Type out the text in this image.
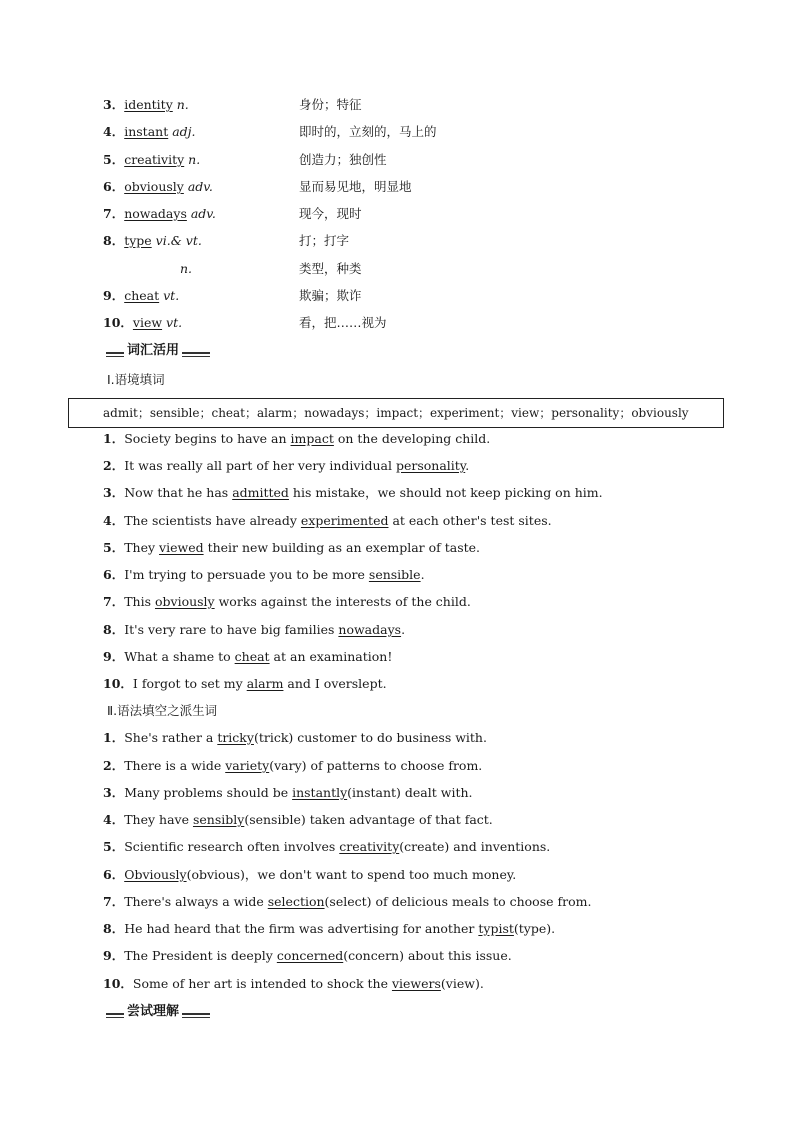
3．identity n.	身份；特征
4．instant adj.	即时的，立刻的，马上的
5．creativity n.	创造力；独创性
6．obviously adv.	显而易见地，明显地
7．nowadays adv.	现今，现时
8．type vi.& vt.	打；打字
n.	类型，种类
9．cheat vt.	欺骗；欺诈
10．view vt.	看，把……视为
词汇活用
Ⅰ.语境填词
admit；sensible；cheat；alarm；nowadays；impact；experiment；view；personality；obviously
1．Society begins to have an impact on the developing child.
2．It was really all part of her very individual personality.
3．Now that he has admitted his mistake，we should not keep picking on him.
4．The scientists have already experimented at each other's test sites.
5．They viewed their new building as an exemplar of taste.
6．I'm trying to persuade you to be more sensible.
7．This obviously works against the interests of the child.
8．It's very rare to have big families nowadays.
9．What a shame to cheat at an examination!
10．I forgot to set my alarm and I overslept.
Ⅱ.语法填空之派生词
1．She's rather a tricky(trick) customer to do business with.
2．There is a wide variety(vary) of patterns to choose from.
3．Many problems should be instantly(instant) dealt with.
4．They have sensibly(sensible) taken advantage of that fact.
5．Scientific research often involves creativity(create) and inventions.
6．Obviously(obvious)，we don't want to spend too much money.
7．There's always a wide selection(select) of delicious meals to choose from.
8．He had heard that the firm was advertising for another typist(type).
9．The President is deeply concerned(concern) about this issue.
10．Some of her art is intended to shock the viewers(view).
尝试理解
